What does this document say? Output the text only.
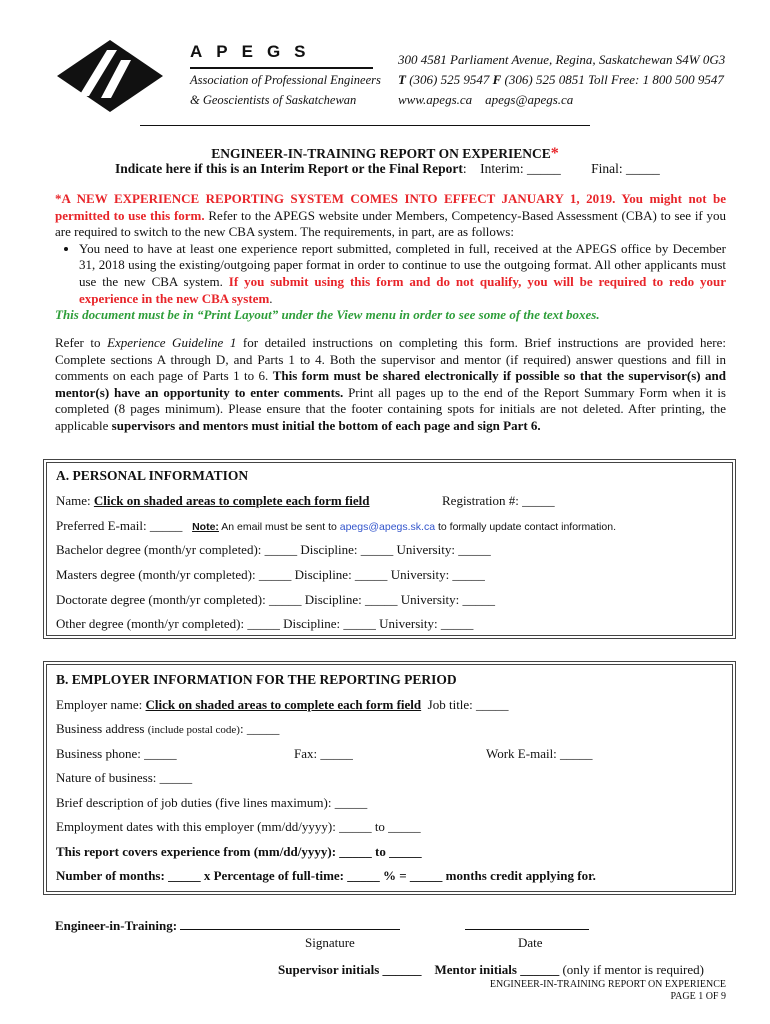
APEGS
Association of Professional Engineers
& Geoscientists of Saskatchewan
300 4581 Parliament Avenue, Regina, Saskatchewan S4W 0G3
T (306) 525 9547 F (306) 525 0851 Toll Free: 1 800 500 9547
www.apegs.ca apegs@apegs.ca
ENGINEER-IN-TRAINING REPORT ON EXPERIENCE*
Indicate here if this is an Interim Report or the Final Report:    Interim: _____ Final: _____
*A NEW EXPERIENCE REPORTING SYSTEM COMES INTO EFFECT JANUARY 1, 2019. You might not be permitted to use this form. Refer to the APEGS website under Members, Competency-Based Assessment (CBA) to see if you are required to switch to the new CBA system. The requirements, in part, are as follows:
• You need to have at least one experience report submitted, completed in full, received at the APEGS office by December 31, 2018 using the existing/outgoing paper format in order to continue to use the outgoing format. All other applicants must use the new CBA system. If you submit using this form and do not qualify, you will be required to redo your experience in the new CBA system.
This document must be in “Print Layout” under the View menu in order to see some of the text boxes.
Refer to Experience Guideline 1 for detailed instructions on completing this form. Brief instructions are provided here: Complete sections A through D, and Parts 1 to 4. Both the supervisor and mentor (if required) answer questions and fill in comments on each page of Parts 1 to 6. This form must be shared electronically if possible so that the supervisor(s) and mentor(s) have an opportunity to enter comments. Print all pages up to the end of the Report Summary Form when it is completed (8 pages minimum). Please ensure that the footer containing spots for initials are not deleted. After printing, the applicable supervisors and mentors must initial the bottom of each page and sign Part 6.
A. PERSONAL INFORMATION
Name: Click on shaded areas to complete each form field	Registration #: _____
Preferred E-mail: _____ Note: An email must be sent to apegs@apegs.sk.ca to formally update contact information.
Bachelor degree (month/yr completed): _____ Discipline: _____ University: _____
Masters degree (month/yr completed): _____ Discipline: _____ University: _____
Doctorate degree (month/yr completed): _____ Discipline: _____ University: _____
Other degree (month/yr completed): _____ Discipline: _____ University: _____
B. EMPLOYER INFORMATION FOR THE REPORTING PERIOD
Employer name: Click on shaded areas to complete each form field Job title: _____
Business address (include postal code): _____
Business phone: _____	Fax: _____	Work E-mail: _____
Nature of business: _____
Brief description of job duties (five lines maximum): _____
Employment dates with this employer (mm/dd/yyyy): _____ to _____
This report covers experience from (mm/dd/yyyy): _____ to _____
Number of months: _____ x Percentage of full-time: _____ % = _____ months credit applying for.
Engineer-in-Training:
Signature	Date
Supervisor initials ______ Mentor initials ______ (only if mentor is required)
ENGINEER-IN-TRAINING REPORT ON EXPERIENCE
PAGE 1 OF 9
